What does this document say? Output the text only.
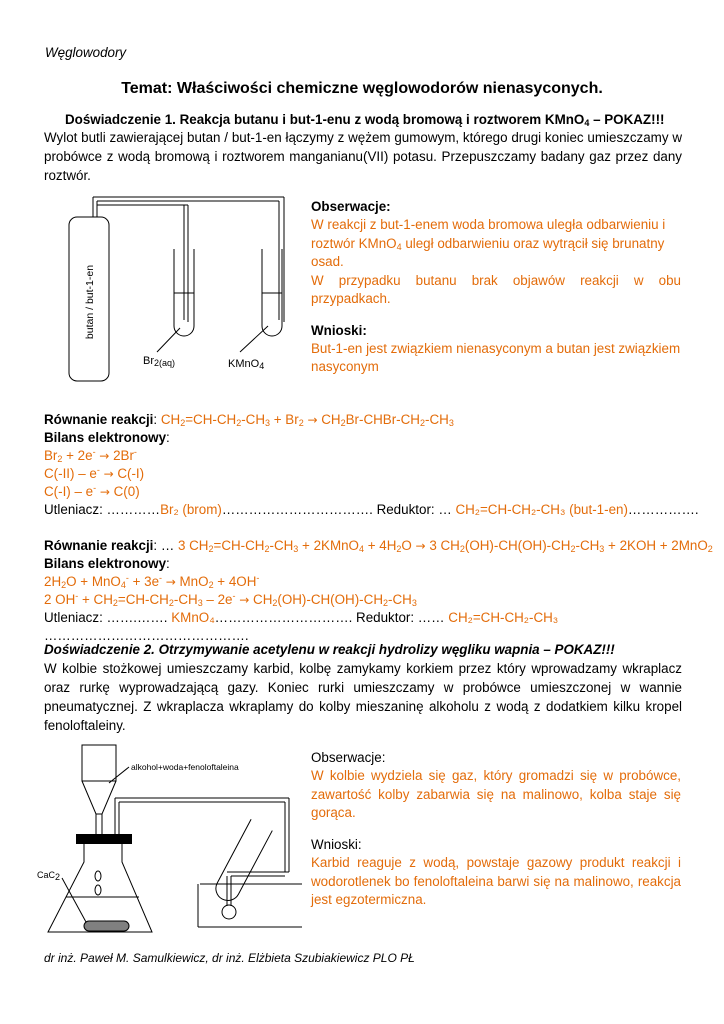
Węglowodory
Temat: Właściwości chemiczne węglowodorów nienasyconych.
Doświadczenie 1. Reakcja butanu i but-1-enu z wodą bromową i roztworem KMnO$_4$ – POKAZ!!!
Wylot butli zawierającej butan / but-1-en łączymy z wężem gumowym, którego drugi koniec umieszczamy w probówce z wodą bromową i roztworem manganianu(VII) potasu. Przepuszczamy badany gaz przez dany roztwór.
butan / but-1-en
$Br_{2(aq)}$	KMnO$_4$
Obserwacje:
W reakcji z but-1-enem woda bromowa uległa odbarwieniu i
roztwór KMnO$_4$ uległ odbarwieniu oraz wytrącił się brunatny
osad.
W przypadku butanu brak objawów reakcji w obu przypadkach.
Wnioski:
But-1-en jest związkiem nienasyconym a butan jest związkiem nasyconym
Równanie reakcji: $CH_2=CH-CH_2-CH_3 + Br_2$ → $CH_2Br-CHBr-CH_2-CH_3$
Bilans elektronowy:
$Br_2 + 2e^- \to 2Br^-$
C(-II) – e- → C(-I)
C(-I) – e- → C(0)
Utleniacz: …………Br₂ (brom)……………………………. Reduktor: … CH₂=CH-CH₂-CH₃ (but-1-en)…………….
Równanie reakcji: … 3 $CH_2=CH-CH_2-CH_3$ + 2KMnO$_4$ + $4H_2O \to 3$ $CH_2(OH)-CH(OH)-CH_2-CH_3 + 2KOH + 2MnO_2$
Bilans elektronowy:
$2H_2O + MnO_4^- + 3e^- \to MnO_2 + 4OH^-$
2 $OH^- + CH_2=CH-CH_2-CH_3 - 2e^- \to CH_2(OH)-CH(OH)-CH_2-CH_3$
Utleniacz: …….……. KMnO₄…………………………. Reduktor: …… CH₂=CH-CH₂-CH₃ ……………………………………….
Doświadczenie 2. Otrzymywanie acetylenu w reakcji hydrolizy węgliku wapnia – POKAZ!!!
W kolbie stożkowej umieszczamy karbid, kolbę zamykamy korkiem przez który wprowadzamy wkraplacz oraz rurkę wyprowadzającą gazy. Koniec rurki umieszczamy w probówce umieszczonej w wannie pneumatycznej. Z wkraplacza wkraplamy do kolby mieszaninę alkoholu z wodą z dodatkiem kilku kropel fenoloftaleiny.
alkohol+woda+fenoloftaleina
CaC$_2$
Obserwacje:
W kolbie wydziela się gaz, który gromadzi się w probówce, zawartość kolby zabarwia się na malinowo, kolba staje się gorąca.
Wnioski:
Karbid reaguje z wodą, powstaje gazowy produkt reakcji i wodorotlenek bo fenoloftaleina barwi się na malinowo, reakcja jest egzotermiczna.
dr inż. Paweł M. Samulkiewicz, dr inż. Elżbieta Szubiakiewicz PLO PŁ
